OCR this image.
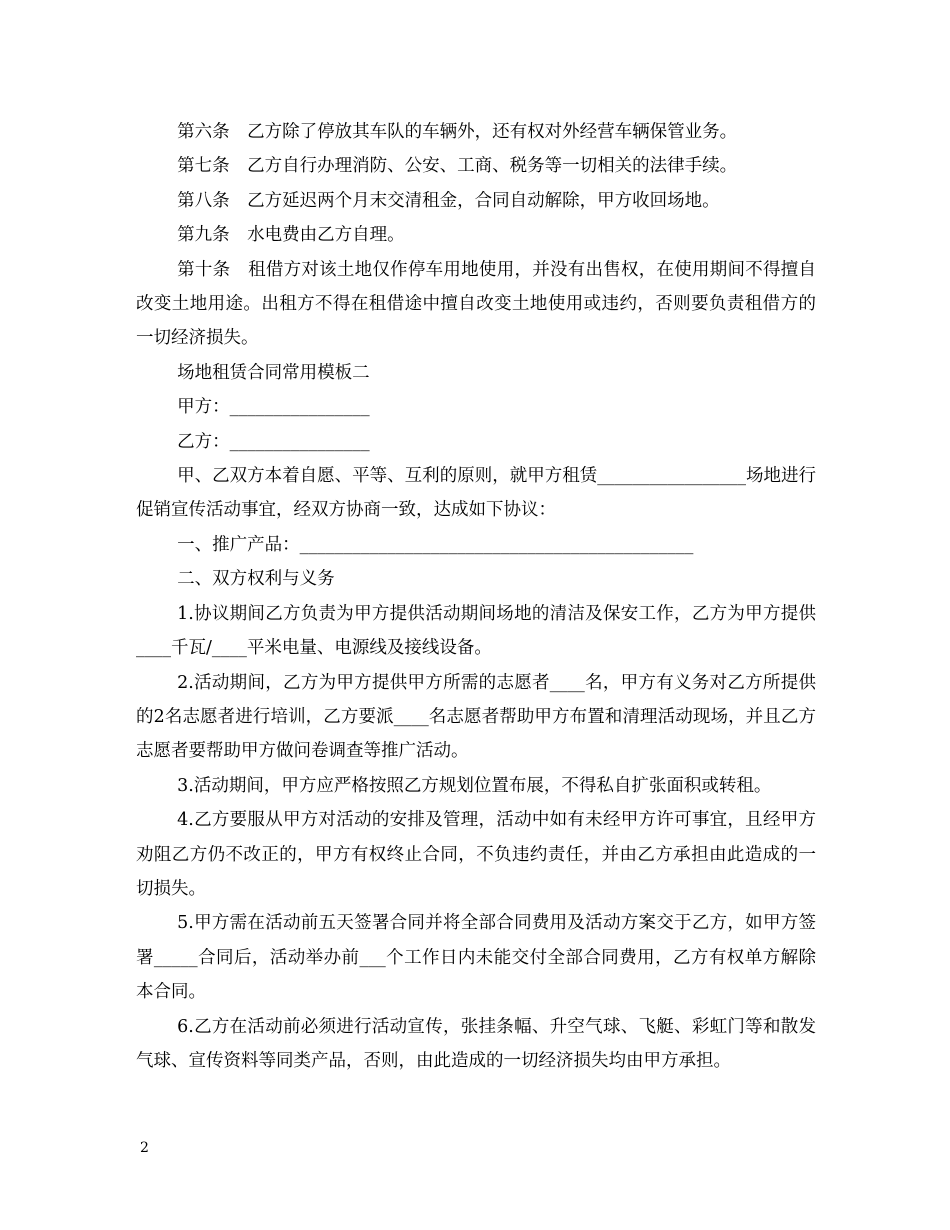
第六条　乙方除了停放其车队的车辆外，还有权对外经营车辆保管业务。

第七条　乙方自行办理消防、公安、工商、税务等一切相关的法律手续。

第八条　乙方延迟两个月末交清租金，合同自动解除，甲方收回场地。

第九条　水电费由乙方自理。

第十条　租借方对该土地仅作停车用地使用，并没有出售权，在使用期间不得擅自改变土地用途。出租方不得在租借途中擅自改变土地使用或违约，否则要负责租借方的一切经济损失。

场地租赁合同常用模板二

甲方：________________

乙方：________________

甲、乙双方本着自愿、平等、互利的原则，就甲方租赁_________________场地进行促销宣传活动事宜，经双方协商一致，达成如下协议：

一、推广产品：_____________________________________________

二、双方权利与义务

1.协议期间乙方负责为甲方提供活动期间场地的清洁及保安工作，乙方为甲方提供____千瓦/____平米电量、电源线及接线设备。

2.活动期间，乙方为甲方提供甲方所需的志愿者____名，甲方有义务对乙方所提供的2名志愿者进行培训，乙方要派____名志愿者帮助甲方布置和清理活动现场，并且乙方志愿者要帮助甲方做问卷调查等推广活动。

3.活动期间，甲方应严格按照乙方规划位置布展，不得私自扩张面积或转租。

4.乙方要服从甲方对活动的安排及管理，活动中如有未经甲方许可事宜，且经甲方劝阻乙方仍不改正的，甲方有权终止合同，不负违约责任，并由乙方承担由此造成的一切损失。

5.甲方需在活动前五天签署合同并将全部合同费用及活动方案交于乙方，如甲方签署_____合同后，活动举办前___个工作日内未能交付全部合同费用，乙方有权单方解除本合同。

6.乙方在活动前必须进行活动宣传，张挂条幅、升空气球、飞艇、彩虹门等和散发气球、宣传资料等同类产品，否则，由此造成的一切经济损失均由甲方承担。

2
